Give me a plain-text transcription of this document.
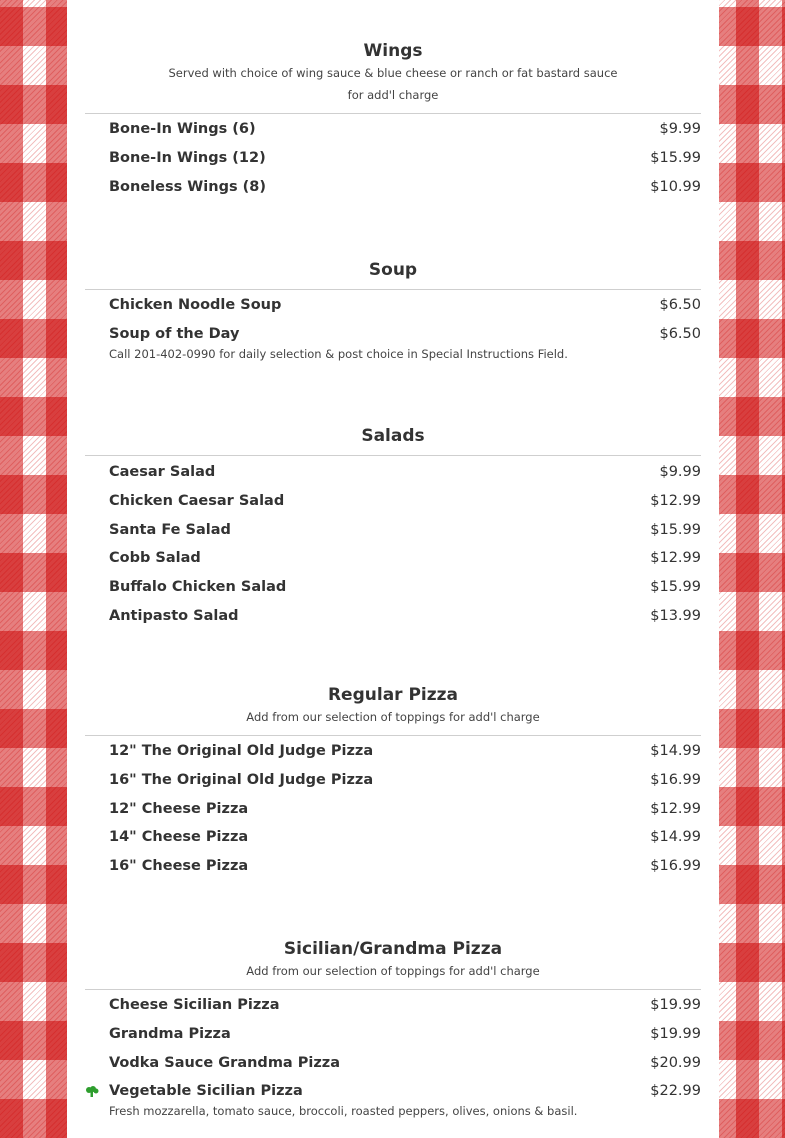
Wings
Served with choice of wing sauce & blue cheese or ranch or fat bastard sauce
for add'l charge
Bone-In Wings (6)	$9.99
Bone-In Wings (12)	$15.99
Boneless Wings (8)	$10.99
Soup
Chicken Noodle Soup	$6.50
Soup of the Day	$6.50
Call 201-402-0990 for daily selection & post choice in Special Instructions Field.
Salads
Caesar Salad	$9.99
Chicken Caesar Salad	$12.99
Santa Fe Salad	$15.99
Cobb Salad	$12.99
Buffalo Chicken Salad	$15.99
Antipasto Salad	$13.99
Regular Pizza
Add from our selection of toppings for add'l charge
12" The Original Old Judge Pizza	$14.99
16" The Original Old Judge Pizza	$16.99
12" Cheese Pizza	$12.99
14" Cheese Pizza	$14.99
16" Cheese Pizza	$16.99
Sicilian/Grandma Pizza
Add from our selection of toppings for add'l charge
Cheese Sicilian Pizza	$19.99
Grandma Pizza	$19.99
Vodka Sauce Grandma Pizza	$20.99
Vegetable Sicilian Pizza	$22.99
Fresh mozzarella, tomato sauce, broccoli, roasted peppers, olives, onions & basil.
